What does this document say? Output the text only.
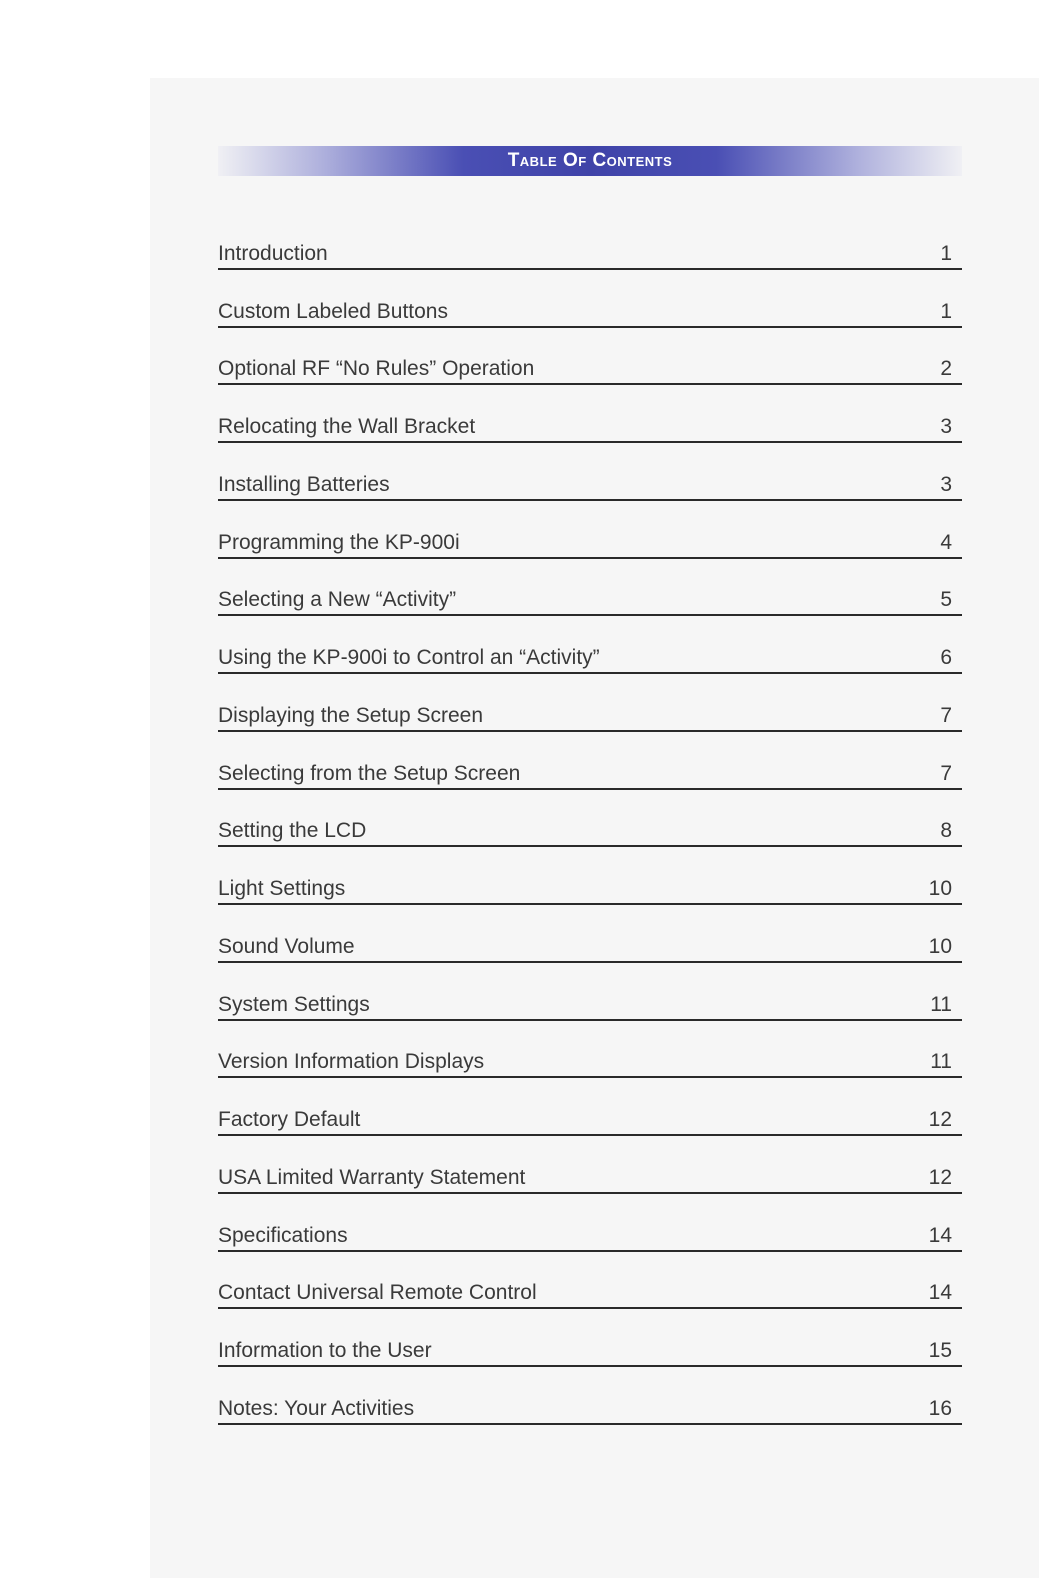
Table Of Contents
Introduction	1
Custom Labeled Buttons	1
Optional RF “No Rules” Operation	2
Relocating the Wall Bracket	3
Installing Batteries	3
Programming the KP-900i	4
Selecting a New “Activity”	5
Using the KP-900i to Control an “Activity”	6
Displaying the Setup Screen	7
Selecting from the Setup Screen	7
Setting the LCD	8
Light Settings	10
Sound Volume	10
System Settings	11
Version Information Displays	11
Factory Default	12
USA Limited Warranty Statement	12
Specifications	14
Contact Universal Remote Control	14
Information to the User	15
Notes: Your Activities	16
